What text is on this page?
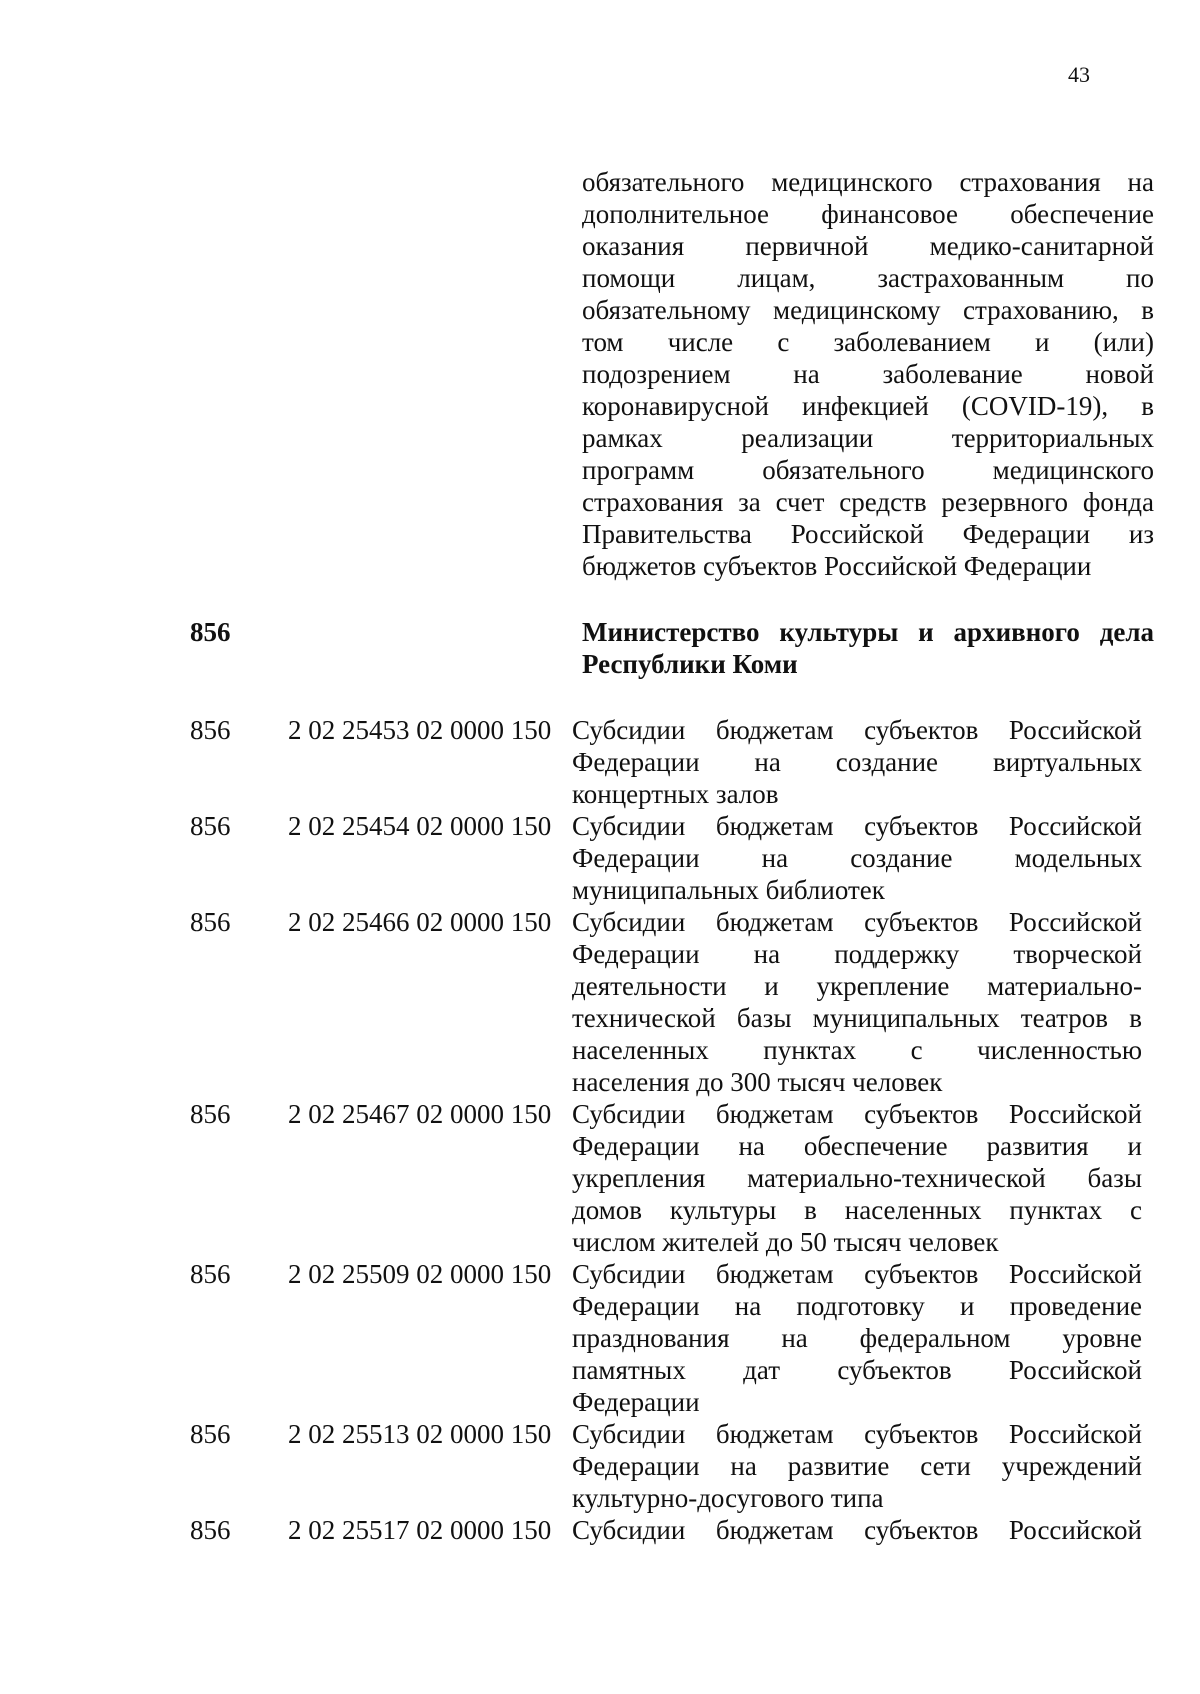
43
обязательного медицинского страхования на
дополнительное финансовое обеспечение
оказания первичной медико-санитарной
помощи лицам, застрахованным по
обязательному медицинскому страхованию, в
том числе с заболеванием и (или)
подозрением на заболевание новой
коронавирусной инфекцией (COVID-19), в
рамках реализации территориальных
программ обязательного медицинского
страхования за счет средств резервного фонда
Правительства Российской Федерации из
бюджетов субъектов Российской Федерации
856	Министерство культуры и архивного дела
Республики Коми
856 2 02 25453 02 0000 150 Субсидии бюджетам субъектов Российской
Федерации на создание виртуальных
концертных залов
856 2 02 25454 02 0000 150 Субсидии бюджетам субъектов Российской
Федерации на создание модельных
муниципальных библиотек
856 2 02 25466 02 0000 150 Субсидии бюджетам субъектов Российской
Федерации на поддержку творческой
деятельности и укрепление материально-
технической базы муниципальных театров в
населенных пунктах с численностью
населения до 300 тысяч человек
856 2 02 25467 02 0000 150 Субсидии бюджетам субъектов Российской
Федерации на обеспечение развития и
укрепления материально-технической базы
домов культуры в населенных пунктах с
числом жителей до 50 тысяч человек
856 2 02 25509 02 0000 150 Субсидии бюджетам субъектов Российской
Федерации на подготовку и проведение
празднования на федеральном уровне
памятных дат субъектов Российской
Федерации
856 2 02 25513 02 0000 150 Субсидии бюджетам субъектов Российской
Федерации на развитие сети учреждений
культурно-досугового типа
856 2 02 25517 02 0000 150 Субсидии бюджетам субъектов Российской
